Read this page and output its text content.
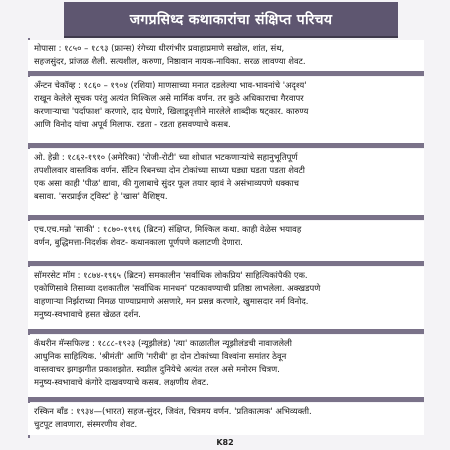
जगप्रसिध्द कथाकारांचा संक्षिप्त परिचय

मोपासा : १८५० – १८९३ (फ्रान्स) रंगेच्या धीरगंभीर प्रवाहाप्रमाणे सखोल, शांत, संथ,

सहजसुंदर, प्रांजळ शैली. सत्यशील, करुणा, निष्ठावान नायक-नायिका. सरळ लावण्या शेवट.

अँन्टन चेकॉव्ह : १८६० – १९०४ (रशिया) माणसाच्या मनात दडलेल्या भाव-भावनांचे 'अदृश्य'

राखून केलेले सूचक परंतु अत्यंत मिश्किल असे मार्मिक वर्णन. तर कुठे अधिकाराचा गैरवापर

करणाऱ्याचा 'पर्दाफाश' करणारे, दाद घेणारे, खिलाडूवृत्तीने मारलेले शाब्दीक षट्कार. कारुण्य

आणि विनोद यांचा अपूर्व मिलाफ. रडता - रडता हसवण्याचे कसब.

ओ. हेन्री : १८६२-१९१० (अमेरिका) 'रोजी-रोटी' च्या शोधात भटकणाऱ्यांचे सहानुभूतिपूर्ण

तपशीलवार वास्तविक वर्णन. सॅटिन रिबनच्या दोन टोकांच्या साध्या घड्या घडता पडता शेवटी

एक असा काही 'पीळ' द्यावा, की गुलाबाचे सुंदर फूल तयार व्हावं ने असंभाव्यपणे धक्काच

बसावा. 'सरप्राईज ट्विस्ट' हे 'खास' वैशिष्ट्य.

एच.एच.मन्रो 'साकी' : १८७०-१९१६ (ब्रिटन) संक्षिप्त, मिश्किल कथा. काही वेळेस भयावह

वर्णन, बुद्धिमत्ता-निदर्शक शेवट- कथानकाला पूर्णपणे कलाटणी देणारा.

सॉमरसेट मॉम : १८७४-१९६५ (ब्रिटन) समकालीन 'सर्वाधिक लोकप्रिय' साहित्यिकांपैकी एक.

एकोणिसावे तिसाव्या दशकातील 'सर्वाधिक मानधन' पटकावण्याची प्रतिष्ठा लाभलेला. अक्खडपणे

वाहणाऱ्या निर्झराच्या निमळ पाण्याप्रमाणे असणारे, मन प्रसन्न करणारे, खुमासदार नर्म विनोद.

मनुष्य-स्वभावाचे हसत खेळत दर्शन.

कॅथरीन मॅन्सफिल्ड : १८८८-१९२३ (न्यूझीलंड) 'त्या' काळातील न्यूझीलंडची नावाजलेली

आधुनिक साहित्यिक. 'श्रीमंती' आणि 'गरीबी' हा दोन टोकांच्या विश्वांना समांतर ठेवून

वास्तवाचर झगझगीत प्रकाशझोत. स्वप्नील दुनियेचे अत्यंत तरल असे मनोरम चित्रण.

मनुष्य-स्वभावाचे कंगोरे दाखवण्याचे कसब. लक्षणीय शेवट.

रस्किन बाँड : १९३४—(भारत) सहज-सुंदर, जिवंत, चित्रमय वर्णन. 'प्रतिकात्मक' अभिव्यक्ती.

चुटपूट लावणारा, संस्मरणीय शेवट.

K82
